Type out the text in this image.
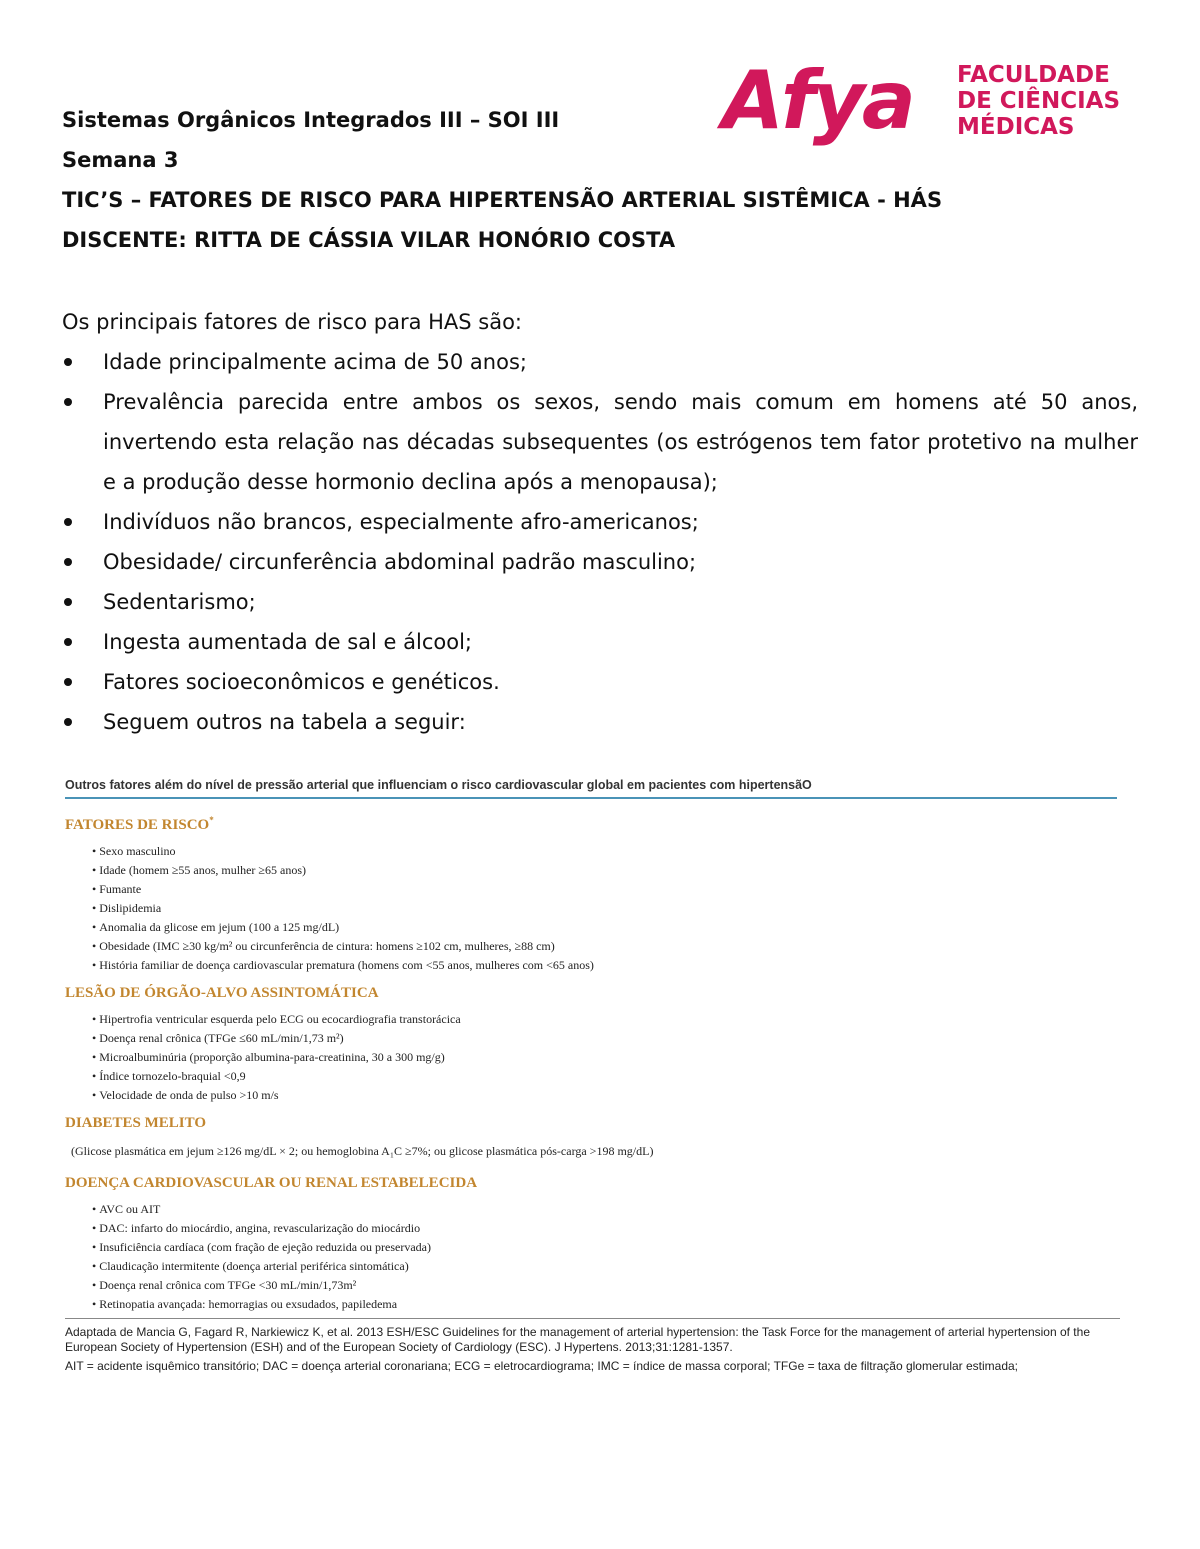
Sistemas Orgânicos Integrados III – SOI III
Semana 3
TIC’S – FATORES DE RISCO PARA HIPERTENSÃO ARTERIAL SISTÊMICA - HÁS
DISCENTE: RITTA DE CÁSSIA VILAR HONÓRIO COSTA
Afya FACULDADE
DE CIÊNCIAS
MÉDICAS

Os principais fatores de risco para HAS são:

Idade principalmente acima de 50 anos;
Prevalência parecida entre ambos os sexos, sendo mais comum em homens até 50 anos, invertendo esta relação nas décadas subsequentes (os estrógenos tem fator protetivo na mulher e a produção desse hormonio declina após a menopausa);
Indivíduos não brancos, especialmente afro-americanos;
Obesidade/ circunferência abdominal padrão masculino;
Sedentarismo;
Ingesta aumentada de sal e álcool;
Fatores socioeconômicos e genéticos.
Seguem outros na tabela a seguir:
Outros fatores além do nível de pressão arterial que influenciam o risco cardiovascular global em pacientes com hipertensãO
FATORES DE RISCO*
• Sexo masculino
• Idade (homem ≥55 anos, mulher ≥65 anos)
• Fumante
• Dislipidemia
• Anomalia da glicose em jejum (100 a 125 mg/dL)
• Obesidade (IMC ≥30 kg/m² ou circunferência de cintura: homens ≥102 cm, mulheres, ≥88 cm)
• História familiar de doença cardiovascular prematura (homens com <55 anos, mulheres com <65 anos)
LESÃO DE ÓRGÃO-ALVO ASSINTOMÁTICA
• Hipertrofia ventricular esquerda pelo ECG ou ecocardiografia transtorácica
• Doença renal crônica (TFGe ≤60 mL/min/1,73 m²)
• Microalbuminúria (proporção albumina-para-creatinina, 30 a 300 mg/g)
• Índice tornozelo-braquial <0,9
• Velocidade de onda de pulso >10 m/s
DIABETES MELITO
(Glicose plasmática em jejum ≥126 mg/dL × 2; ou hemoglobina A₁C ≥7%; ou glicose plasmática pós-carga >198 mg/dL)
DOENÇA CARDIOVASCULAR OU RENAL ESTABELECIDA
• AVC ou AIT
• DAC: infarto do miocárdio, angina, revascularização do miocárdio
• Insuficiência cardíaca (com fração de ejeção reduzida ou preservada)
• Claudicação intermitente (doença arterial periférica sintomática)
• Doença renal crônica com TFGe <30 mL/min/1,73m²
• Retinopatia avançada: hemorragias ou exsudados, papiledema
Adaptada de Mancia G, Fagard R, Narkiewicz K, et al. 2013 ESH/ESC Guidelines for the management of arterial hypertension: the Task Force for the management of arterial hypertension of the European Society of Hypertension (ESH) and of the European Society of Cardiology (ESC). J Hypertens. 2013;31:1281-1357.
AIT = acidente isquêmico transitório; DAC = doença arterial coronariana; ECG = eletrocardiograma; IMC = índice de massa corporal; TFGe = taxa de filtração glomerular estimada;
